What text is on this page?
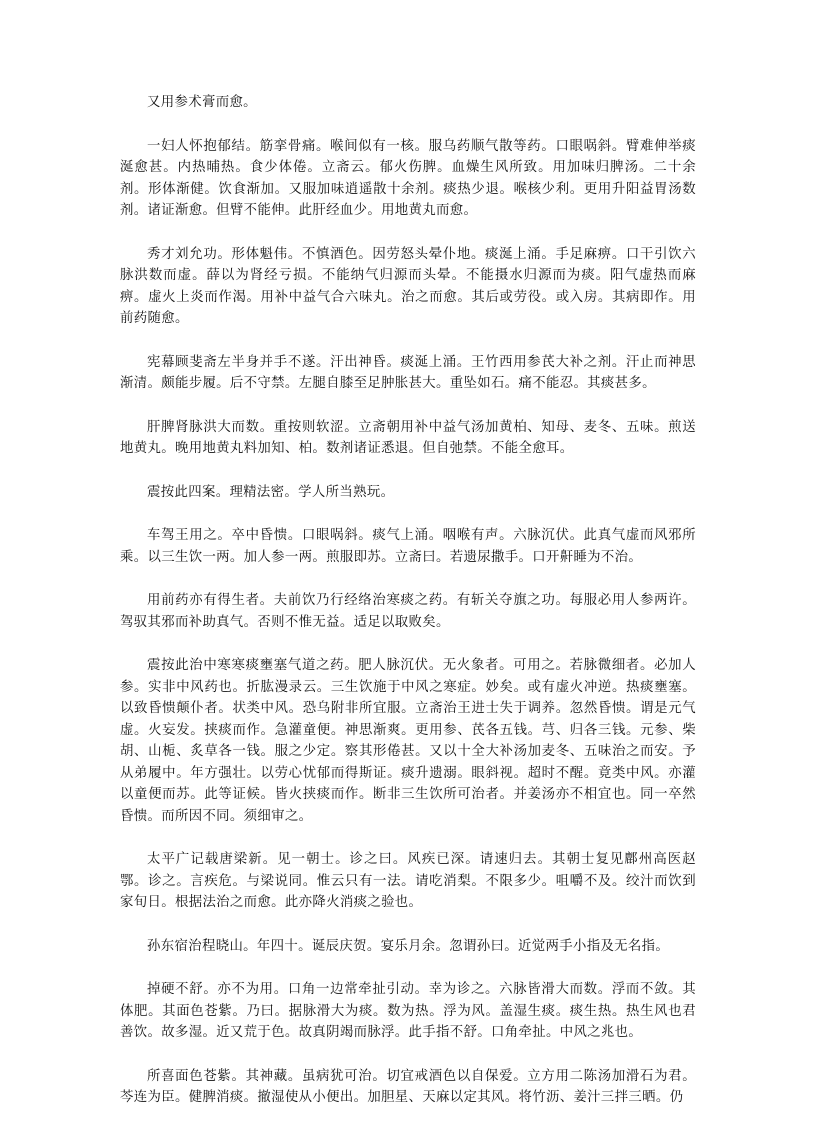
又用参术膏而愈。

一妇人怀抱郁结。筋挛骨痛。喉间似有一核。服乌药顺气散等药。口眼㖞斜。臂难伸举痰涎愈甚。内热晡热。食少体倦。立斋云。郁火伤脾。血燥生风所致。用加味归脾汤。二十余剂。形体渐健。饮食渐加。又服加味逍遥散十余剂。痰热少退。喉核少利。更用升阳益胃汤数剂。诸证渐愈。但臂不能伸。此肝经血少。用地黄丸而愈。

秀才刘允功。形体魁伟。不慎酒色。因劳怒头晕仆地。痰涎上涌。手足麻痹。口干引饮六脉洪数而虚。薛以为肾经亏损。不能纳气归源而头晕。不能摄水归源而为痰。阳气虚热而麻痹。虚火上炎而作渴。用补中益气合六味丸。治之而愈。其后或劳役。或入房。其病即作。用前药随愈。

宪幕顾斐斋左半身并手不遂。汗出神昏。痰涎上涌。王竹西用参芪大补之剂。汗止而神思渐清。颇能步履。后不守禁。左腿自膝至足肿胀甚大。重坠如石。痛不能忍。其痰甚多。

肝脾肾脉洪大而数。重按则软涩。立斋朝用补中益气汤加黄柏、知母、麦冬、五味。煎送地黄丸。晚用地黄丸料加知、柏。数剂诸证悉退。但自弛禁。不能全愈耳。

震按此四案。理精法密。学人所当熟玩。

车驾王用之。卒中昏愦。口眼㖞斜。痰气上涌。咽喉有声。六脉沉伏。此真气虚而风邪所乘。以三生饮一两。加人参一两。煎服即苏。立斋曰。若遗尿撒手。口开鼾睡为不治。

用前药亦有得生者。夫前饮乃行经络治寒痰之药。有斩关夺旗之功。每服必用人参两许。驾驭其邪而补助真气。否则不惟无益。适足以取败矣。

震按此治中寒寒痰壅塞气道之药。肥人脉沉伏。无火象者。可用之。若脉微细者。必加人参。实非中风药也。折肱漫录云。三生饮施于中风之寒症。妙矣。或有虚火冲逆。热痰壅塞。以致昏愦颠仆者。状类中风。恐乌附非所宜服。立斋治王进士失于调养。忽然昏愦。谓是元气虚。火妄发。挟痰而作。急灌童便。神思渐爽。更用参、芪各五钱。芎、归各三钱。元参、柴胡、山栀、炙草各一钱。服之少定。察其形倦甚。又以十全大补汤加麦冬、五味治之而安。予从弟履中。年方强壮。以劳心忧郁而得斯证。痰升遗溺。眼斜视。超时不醒。竟类中风。亦灌以童便而苏。此等证候。皆火挟痰而作。断非三生饮所可治者。并姜汤亦不相宜也。同一卒然昏愦。而所因不同。须细审之。

太平广记载唐梁新。见一朝士。诊之曰。风疾已深。请速归去。其朝士复见鄜州高医赵鄂。诊之。言疾危。与梁说同。惟云只有一法。请吃消梨。不限多少。咀嚼不及。绞汁而饮到家旬日。根据法治之而愈。此亦降火消痰之验也。

孙东宿治程晓山。年四十。诞辰庆贺。宴乐月余。忽谓孙曰。近觉两手小指及无名指。

掉硬不舒。亦不为用。口角一边常牵扯引动。幸为诊之。六脉皆滑大而数。浮而不敛。其体肥。其面色苍紫。乃曰。据脉滑大为痰。数为热。浮为风。盖湿生痰。痰生热。热生风也君善饮。故多湿。近又荒于色。故真阴竭而脉浮。此手指不舒。口角牵扯。中风之兆也。

所喜面色苍紫。其神藏。虽病犹可治。切宜戒酒色以自保爱。立方用二陈汤加滑石为君。芩连为臣。健脾消痰。撤湿使从小便出。加胆星、天麻以定其风。将竹沥、姜汁三拌三晒。仍
